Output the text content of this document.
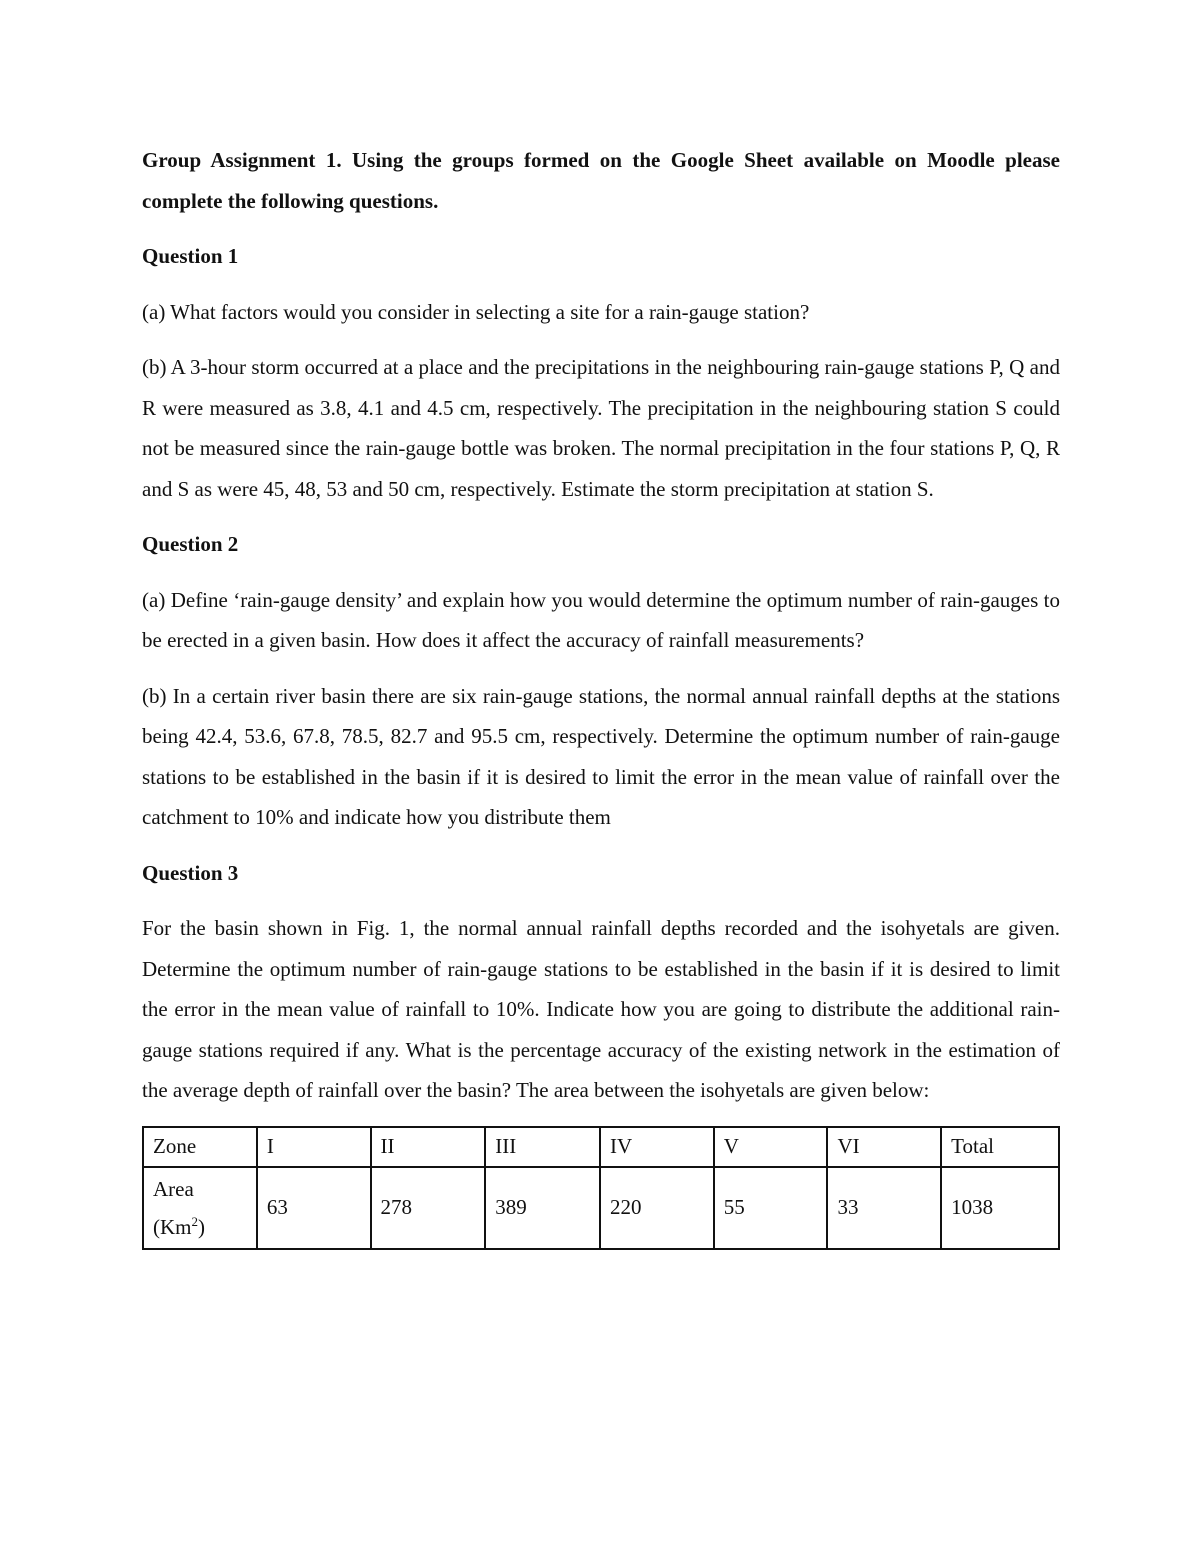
Group Assignment 1. Using the groups formed on the Google Sheet available on Moodle please complete the following questions.

Question 1

(a) What factors would you consider in selecting a site for a rain-gauge station?

(b) A 3-hour storm occurred at a place and the precipitations in the neighbouring rain-gauge stations P, Q and R were measured as 3.8, 4.1 and 4.5 cm, respectively. The precipitation in the neighbouring station S could not be measured since the rain-gauge bottle was broken. The normal precipitation in the four stations P, Q, R and S as were 45, 48, 53 and 50 cm, respectively. Estimate the storm precipitation at station S.

Question 2

(a) Define ‘rain-gauge density’ and explain how you would determine the optimum number of rain-gauges to be erected in a given basin. How does it affect the accuracy of rainfall measurements?

(b) In a certain river basin there are six rain-gauge stations, the normal annual rainfall depths at the stations being 42.4, 53.6, 67.8, 78.5, 82.7 and 95.5 cm, respectively. Determine the optimum number of rain-gauge stations to be established in the basin if it is desired to limit the error in the mean value of rainfall over the catchment to 10% and indicate how you distribute them

Question 3

For the basin shown in Fig. 1, the normal annual rainfall depths recorded and the isohyetals are given. Determine the optimum number of rain-gauge stations to be established in the basin if it is desired to limit the error in the mean value of rainfall to 10%. Indicate how you are going to distribute the additional rain-gauge stations required if any. What is the percentage accuracy of the existing network in the estimation of the average depth of rainfall over the basin? The area between the isohyetals are given below:

Zone	I	II	III	IV	V	VI	Total

Area
(Km$^2$)	63	278	389	220	55	33	1038
